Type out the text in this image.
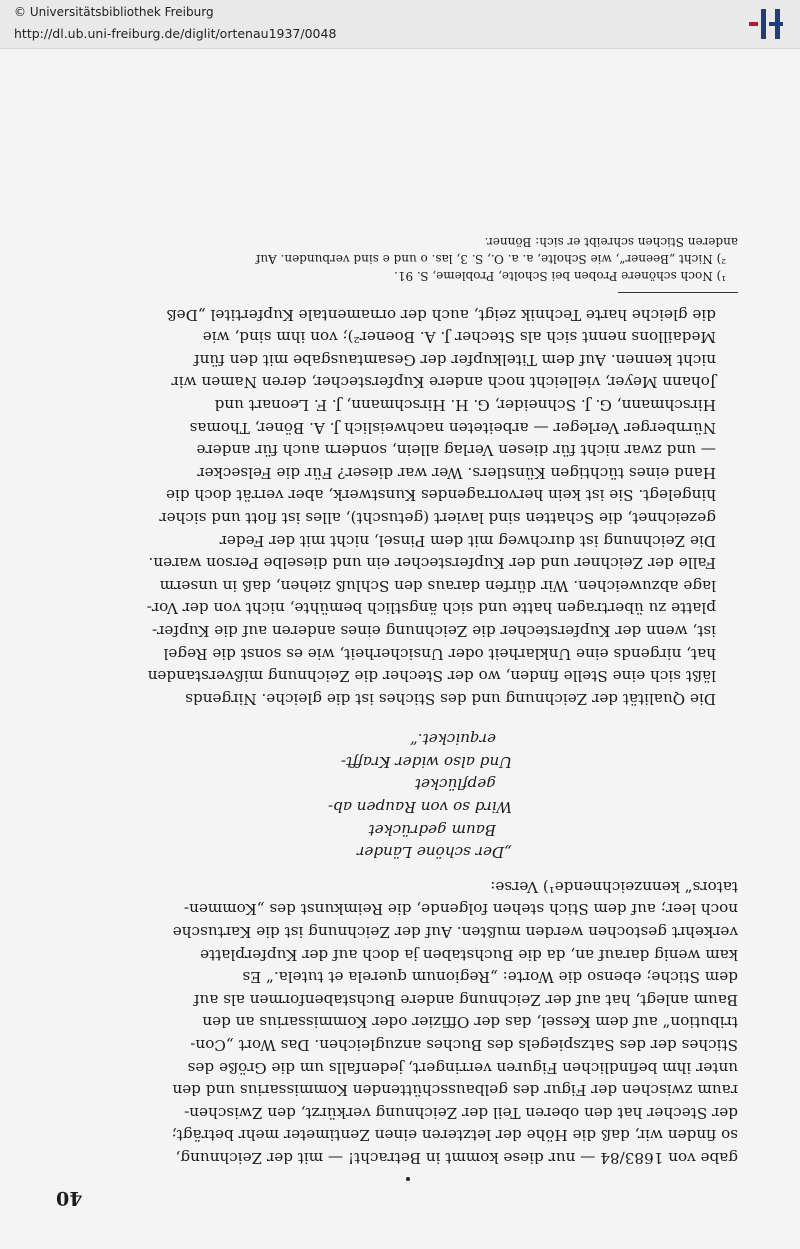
40
gabe von 1683/84 — nur diese kommt in Betracht! — mit der Zeichnung,
so finden wir, daß die Höhe der letzteren einen Zentimeter mehr beträgt;
der Stecher hat den oberen Teil der Zeichnung verkürzt, den Zwischen-
raum zwischen der Figur des gelbausschüttenden Kommissarius und den
unter ihm befindlichen Figuren verringert, jedenfalls um die Größe des
Stiches der des Satzspiegels des Buches anzugleichen. Das Wort „Con-
tribution“ auf dem Kessel, das der Offizier oder Kommissarius an den
Baum anlegt, hat auf der Zeichnung andere Buchstabenformen als auf
dem Stiche; ebenso die Worte: „Regionum querela et tutela.“ Es
kam wenig darauf an, da die Buchstaben ja doch auf der Kupferplatte
verkehrt gestochen werden mußten. Auf der Zeichnung ist die Kartusche
noch leer; auf dem Stich stehen folgende, die Reimkunst des „Kommen-
tators“ kennzeichnende¹) Verse:
„Der schöne Länder
Baum gedrücket
Wird so von Raupen ab-
gepflücket
Und also wider Krafft-
erquicket.“
Die Qualität der Zeichnung und des Stiches ist die gleiche. Nirgends
läßt sich eine Stelle finden, wo der Stecher die Zeichnung mißverstanden
hat, nirgends eine Unklarheit oder Unsicherheit, wie es sonst die Regel
ist, wenn der Kupferstecher die Zeichnung eines anderen auf die Kupfer-
platte zu übertragen hatte und sich ängstlich bemühte, nicht von der Vor-
lage abzuweichen. Wir dürfen daraus den Schluß ziehen, daß in unserm
Falle der Zeichner und der Kupferstecher ein und dieselbe Person waren.
Die Zeichnung ist durchweg mit dem Pinsel, nicht mit der Feder
gezeichnet, die Schatten sind laviert (getuscht), alles ist flott und sicher
hingelegt. Sie ist kein hervorragendes Kunstwerk, aber verrät doch die
Hand eines tüchtigen Künstlers. Wer war dieser? Für die Felsecker
— und zwar nicht für diesen Verlag allein, sondern auch für andere
Nürnberger Verleger — arbeiteten nachweislich J. A. Böner, Thomas
Hirschmann, G. J. Schneider, G. H. Hirschmann, J. F. Leonart und
Johann Meyer, vielleicht noch andere Kupferstecher, deren Namen wir
nicht kennen. Auf dem Titelkupfer der Gesamtausgabe mit den fünf
Medaillons nennt sich als Stecher J. A. Boener²); von ihm sind, wie
die gleiche harte Technik zeigt, auch der ornamentale Kupfertitel „Deß
¹) Noch schönere Proben bei Scholte, Probleme, S. 91.
²) Nicht „Beener“, wie Scholte, a. a. O., S. 3, las. o und e sind verbunden. Auf
anderen Stichen schreibt er sich: Bönner.
http://dl.ub.uni-freiburg.de/diglit/ortenau1937/0048
© Universitätsbibliothek Freiburg
